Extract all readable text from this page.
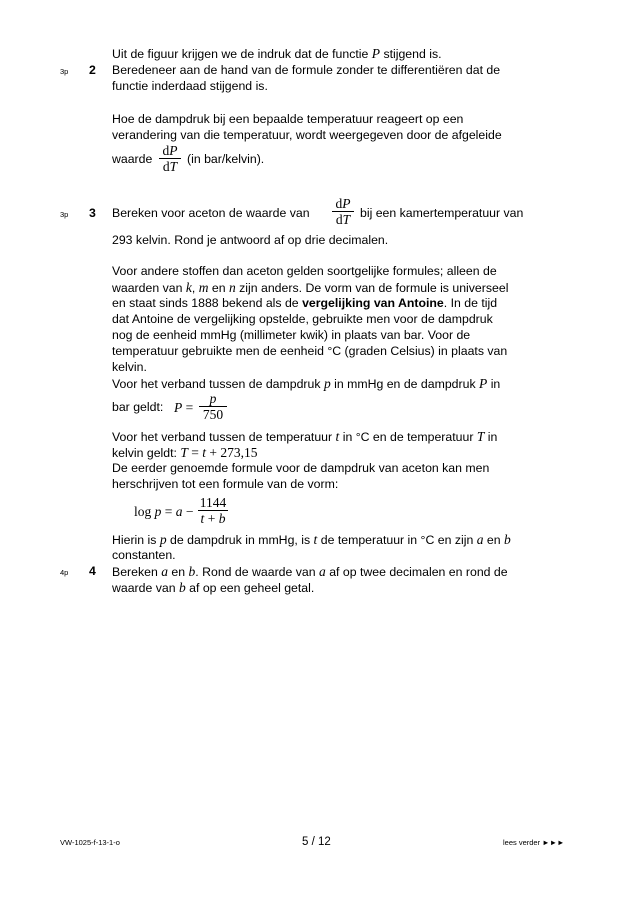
Uit de figuur krijgen we de indruk dat de functie P stijgend is.
3p 2 Beredeneer aan de hand van de formule zonder te differentiëren dat de
functie inderdaad stijgend is.
Hoe de dampdruk bij een bepaalde temperatuur reageert op een
verandering van die temperatuur, wordt weergegeven door de afgeleide
waarde
dP
dT (in bar/kelvin).
3p 3 Bereken voor aceton de waarde van
dP
dT bij een kamertemperatuur van
293 kelvin. Rond je antwoord af op drie decimalen.
Voor andere stoffen dan aceton gelden soortgelijke formules; alleen de
waarden van k, m en n zijn anders. De vorm van de formule is universeel
en staat sinds 1888 bekend als de vergelijking van Antoine. In de tijd
dat Antoine de vergelijking opstelde, gebruikte men voor de dampdruk
nog de eenheid mmHg (millimeter kwik) in plaats van bar. Voor de
temperatuur gebruikte men de eenheid °C (graden Celsius) in plaats van
kelvin.
Voor het verband tussen de dampdruk p in mmHg en de dampdruk P in
bar geldt: P =
p
750
Voor het verband tussen de temperatuur t in °C en de temperatuur T in
kelvin geldt: T = t + 273,15
De eerder genoemde formule voor de dampdruk van aceton kan men
herschrijven tot een formule van de vorm:
log p = a −
1144
t + b
Hierin is p de dampdruk in mmHg, is t de temperatuur in °C en zijn a en b
constanten.
4p 4 Bereken a en b. Rond de waarde van a af op twee decimalen en rond de
waarde van b af op een geheel getal.
VW-1025-f-13-1-o	5 / 12	lees verder ►►►
